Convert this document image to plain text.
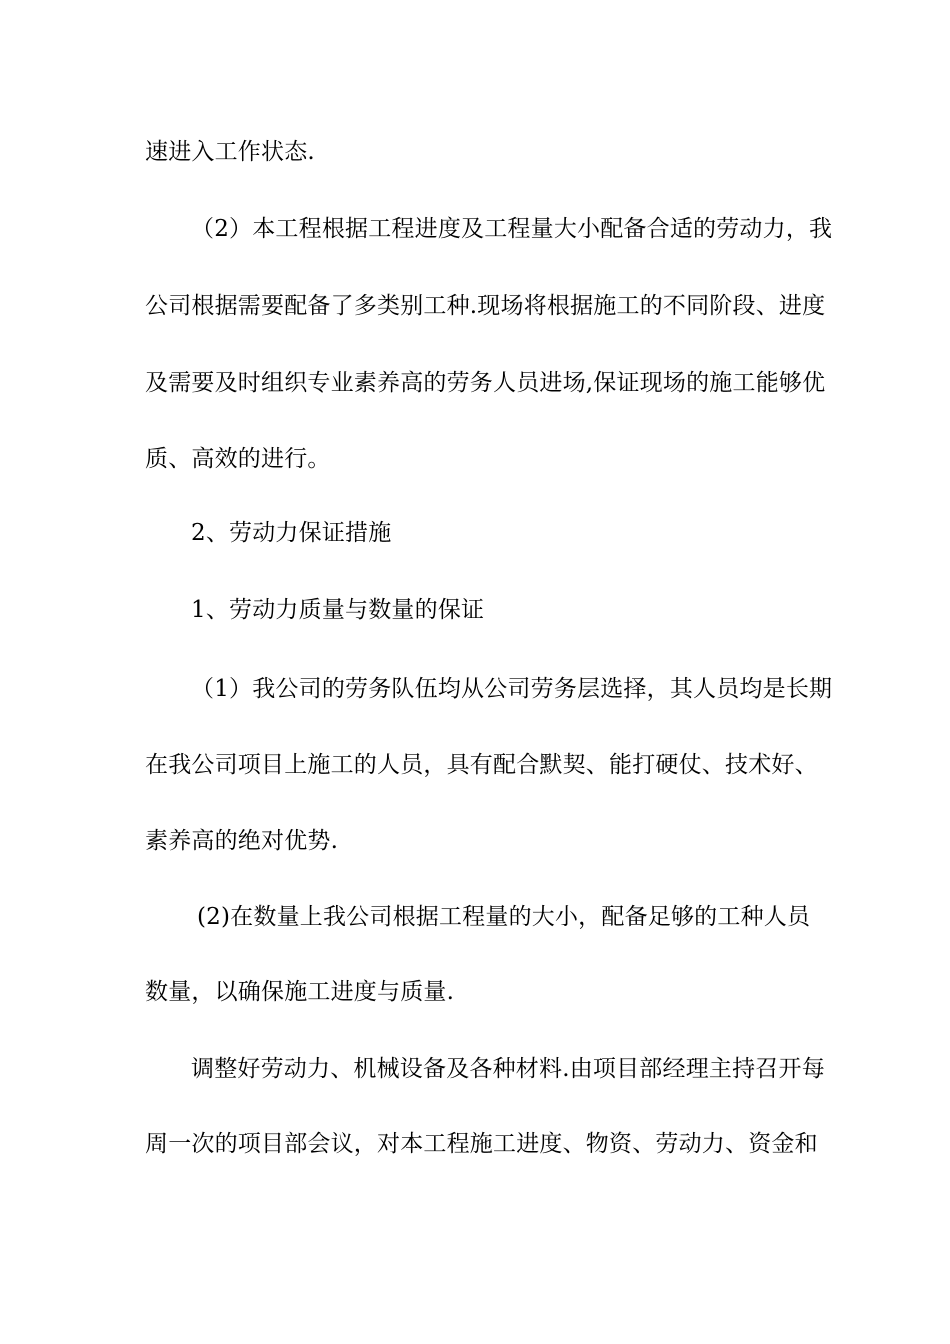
速进入工作状态.
（2）本工程根据工程进度及工程量大小配备合适的劳动力，我
公司根据需要配备了多类别工种.现场将根据施工的不同阶段、进度
及需要及时组织专业素养高的劳务人员进场,保证现场的施工能够优
质、高效的进行。
2、劳动力保证措施
1、劳动力质量与数量的保证
（1）我公司的劳务队伍均从公司劳务层选择，其人员均是长期
在我公司项目上施工的人员，具有配合默契、能打硬仗、技术好、
素养高的绝对优势.
(2)在数量上我公司根据工程量的大小，配备足够的工种人员
数量，以确保施工进度与质量.
调整好劳动力、机械设备及各种材料.由项目部经理主持召开每
周一次的项目部会议，对本工程施工进度、物资、劳动力、资金和
